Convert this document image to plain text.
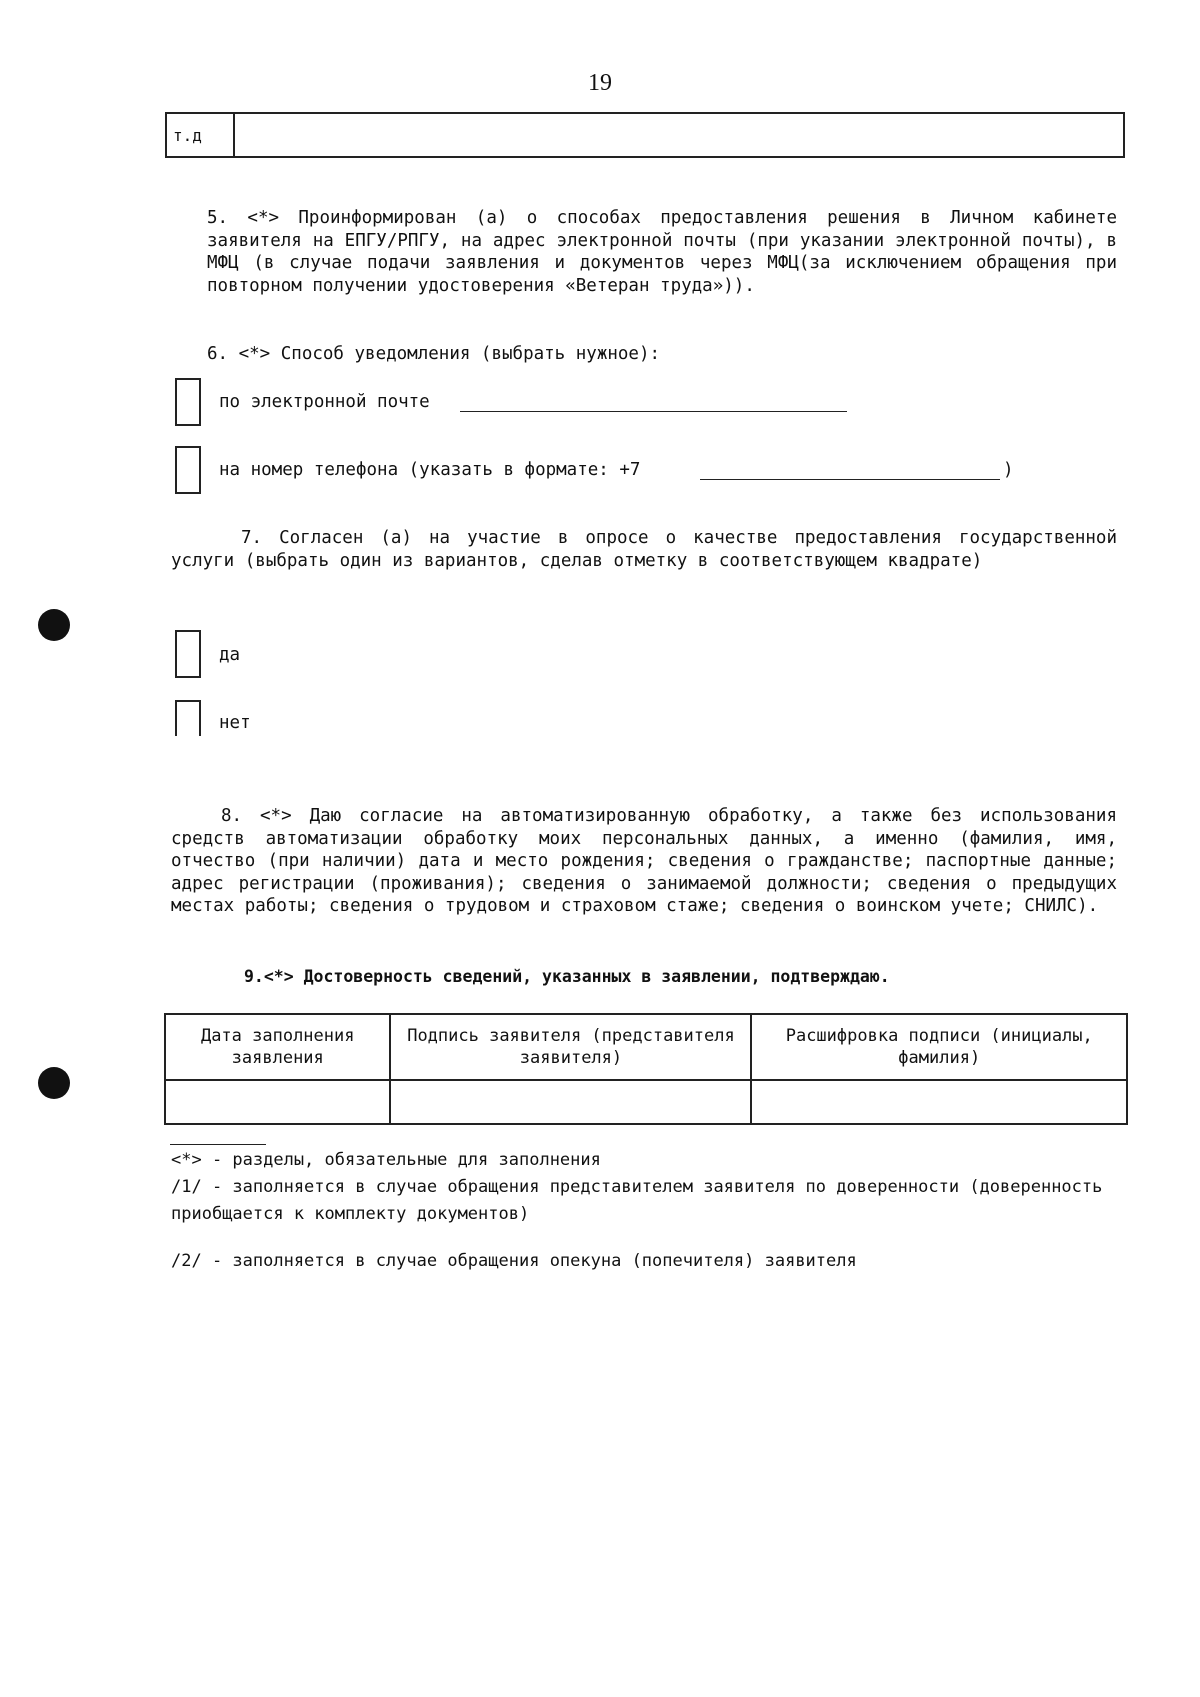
19
т.д
5. <*> Проинформирован (а) о способах предоставления решения в Личном кабинете заявителя на ЕПГУ/РПГУ, на адрес электронной почты (при указании электронной почты), в МФЦ (в случае подачи заявления и документов через МФЦ(за исключением обращения при повторном получении удостоверения «Ветеран труда»)).
6. <*> Способ уведомления (выбрать нужное):
по электронной почте
на номер телефона (указать в формате: +7	)
7. Согласен (а) на участие в опросе о качестве предоставления государственной услуги (выбрать один из вариантов, сделав отметку в соответствующем квадрате)
да
нет
8. <*> Даю согласие на автоматизированную обработку, а также без использования средств автоматизации обработку моих персональных данных, а именно (фамилия, имя, отчество (при наличии) дата и место рождения; сведения о гражданстве; паспортные данные; адрес регистрации (проживания); сведения о занимаемой должности; сведения о предыдущих местах работы; сведения о трудовом и страховом стаже; сведения о воинском учете; СНИЛС).
9.<*> Достоверность сведений, указанных в заявлении, подтверждаю.
Дата заполнения заявления	Подпись заявителя (представителя заявителя)	Расшифровка подписи (инициалы, фамилия)

<*> - разделы, обязательные для заполнения
/1/ - заполняется в случае обращения представителем заявителя по доверенности (доверенность приобщается к комплекту документов)
/2/ - заполняется в случае обращения опекуна (попечителя) заявителя
